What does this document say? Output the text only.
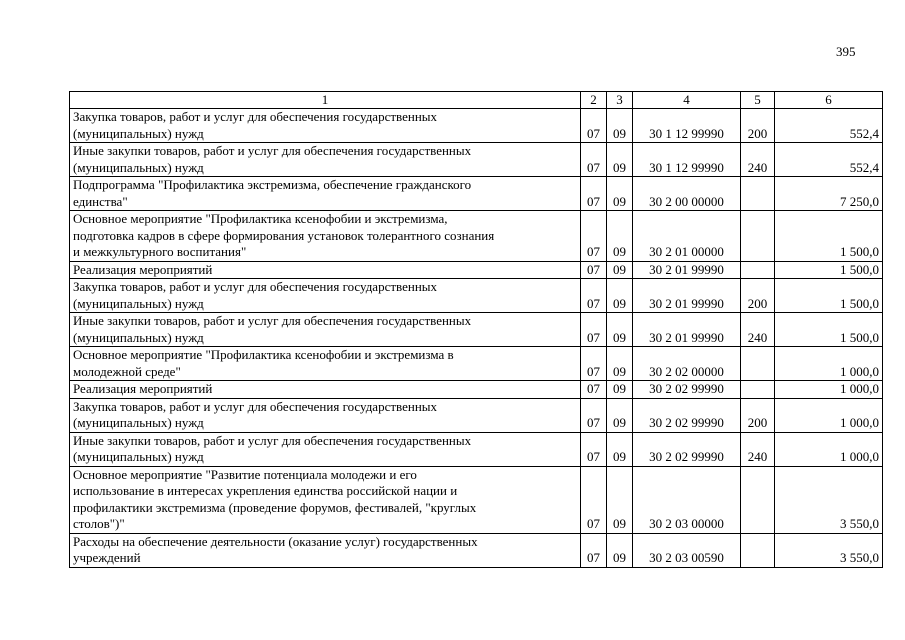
395
1	2	3	4	5	6

Закупка товаров, работ и услуг для обеспечения государственных
(муниципальных) нужд	07	09	30 1 12 99990	200	552,4

Иные закупки товаров, работ и услуг для обеспечения государственных
(муниципальных) нужд	07	09	30 1 12 99990	240	552,4

Подпрограмма "Профилактика экстремизма, обеспечение гражданского
единства"	07	09	30 2 00 00000		7 250,0

Основное мероприятие "Профилактика ксенофобии и экстремизма,
подготовка кадров в сфере формирования установок толерантного сознания
и межкультурного воспитания"	07	09	30 2 01 00000		1 500,0

Реализация мероприятий	07	09	30 2 01 99990		1 500,0

Закупка товаров, работ и услуг для обеспечения государственных
(муниципальных) нужд	07	09	30 2 01 99990	200	1 500,0

Иные закупки товаров, работ и услуг для обеспечения государственных
(муниципальных) нужд	07	09	30 2 01 99990	240	1 500,0

Основное мероприятие "Профилактика ксенофобии и экстремизма в
молодежной среде"	07	09	30 2 02 00000		1 000,0

Реализация мероприятий	07	09	30 2 02 99990		1 000,0

Закупка товаров, работ и услуг для обеспечения государственных
(муниципальных) нужд	07	09	30 2 02 99990	200	1 000,0

Иные закупки товаров, работ и услуг для обеспечения государственных
(муниципальных) нужд	07	09	30 2 02 99990	240	1 000,0

Основное мероприятие "Развитие потенциала молодежи и его
использование в интересах укрепления единства российской нации и
профилактики экстремизма (проведение форумов, фестивалей, "круглых
столов")"	07	09	30 2 03 00000		3 550,0

Расходы на обеспечение деятельности (оказание услуг) государственных
учреждений	07	09	30 2 03 00590		3 550,0
